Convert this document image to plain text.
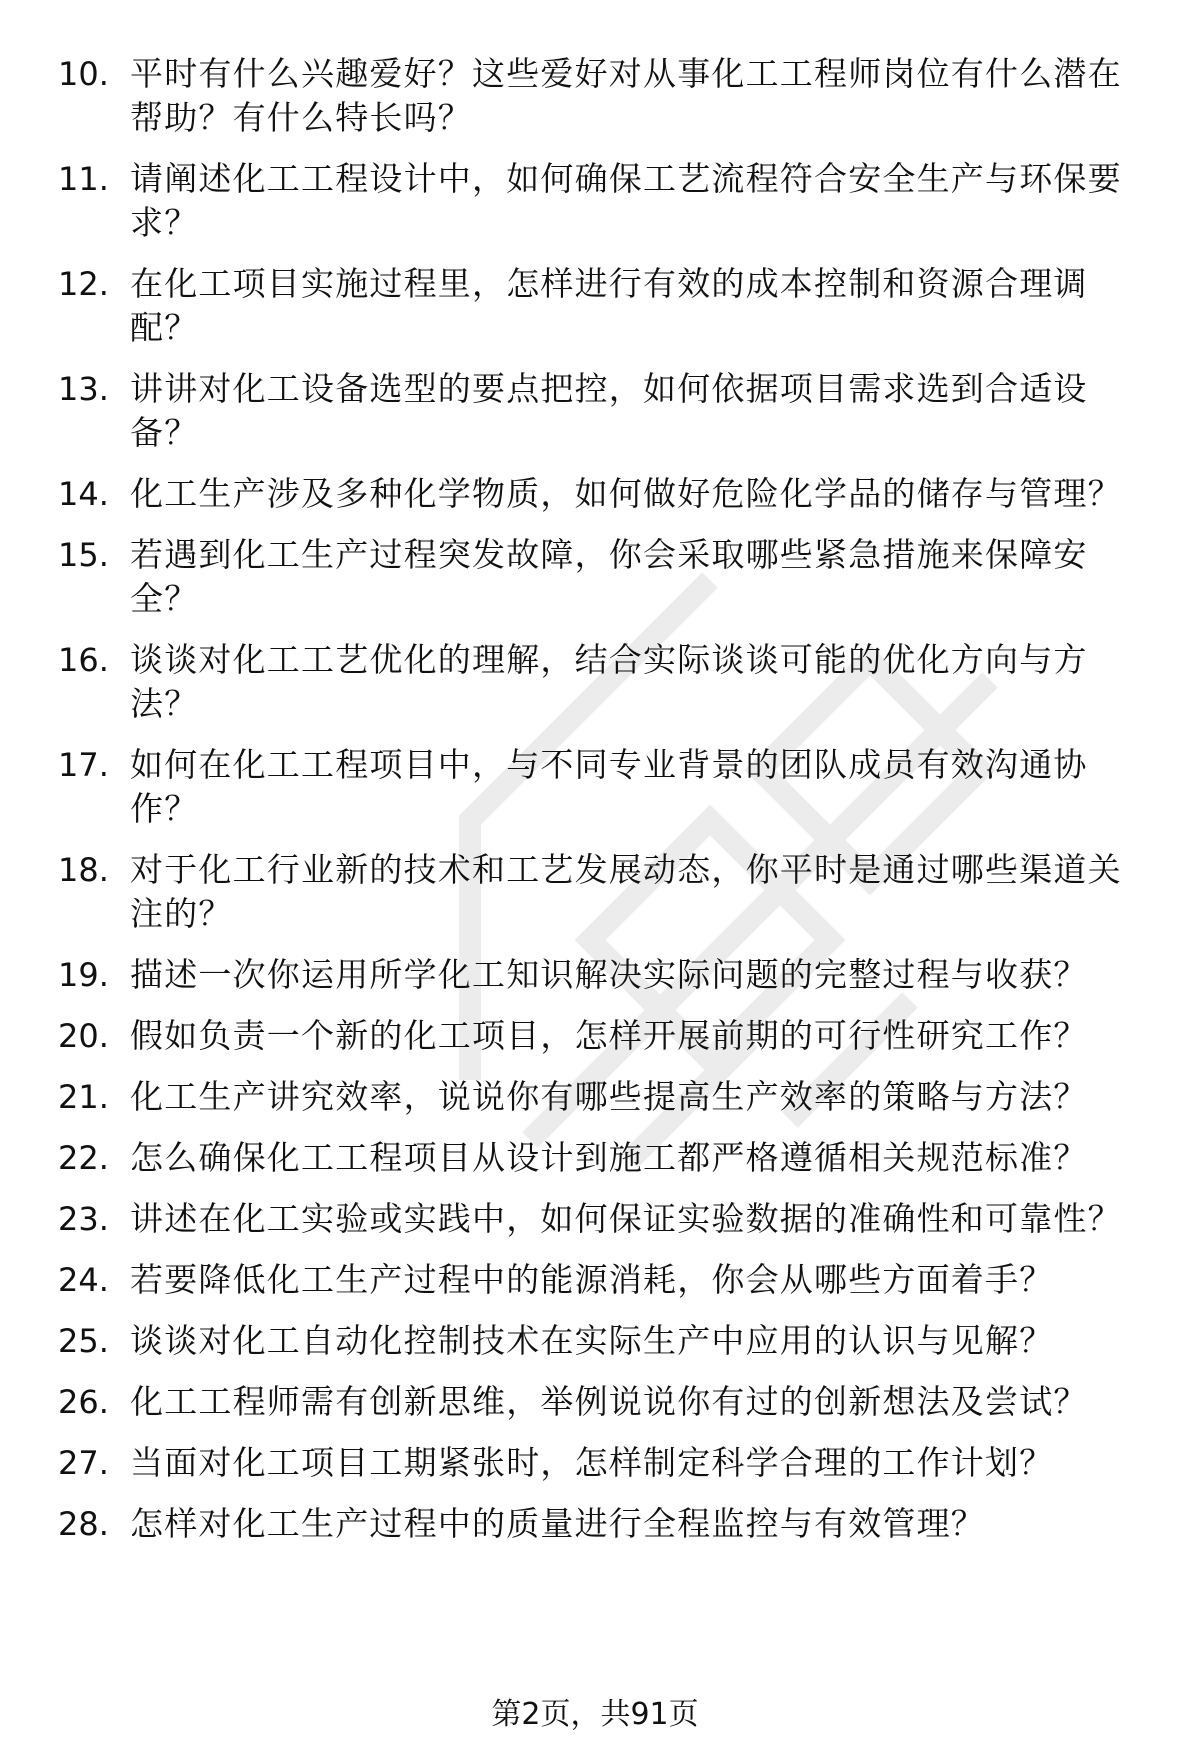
10. 平时有什么兴趣爱好？这些爱好对从事化工工程师岗位有什么潜在帮助？有什么特长吗？
11. 请阐述化工工程设计中，如何确保工艺流程符合安全生产与环保要求？
12. 在化工项目实施过程里，怎样进行有效的成本控制和资源合理调配？
13. 讲讲对化工设备选型的要点把控，如何依据项目需求选到合适设备？
14. 化工生产涉及多种化学物质，如何做好危险化学品的储存与管理？
15. 若遇到化工生产过程突发故障，你会采取哪些紧急措施来保障安全？
16. 谈谈对化工工艺优化的理解，结合实际谈谈可能的优化方向与方法？
17. 如何在化工工程项目中，与不同专业背景的团队成员有效沟通协作？
18. 对于化工行业新的技术和工艺发展动态，你平时是通过哪些渠道关注的？
19. 描述一次你运用所学化工知识解决实际问题的完整过程与收获？
20. 假如负责一个新的化工项目，怎样开展前期的可行性研究工作？
21. 化工生产讲究效率，说说你有哪些提高生产效率的策略与方法？
22. 怎么确保化工工程项目从设计到施工都严格遵循相关规范标准？
23. 讲述在化工实验或实践中，如何保证实验数据的准确性和可靠性？
24. 若要降低化工生产过程中的能源消耗，你会从哪些方面着手？
25. 谈谈对化工自动化控制技术在实际生产中应用的认识与见解？
26. 化工工程师需有创新思维，举例说说你有过的创新想法及尝试？
27. 当面对化工项目工期紧张时，怎样制定科学合理的工作计划？
28. 怎样对化工生产过程中的质量进行全程监控与有效管理？
第2页，共91页
